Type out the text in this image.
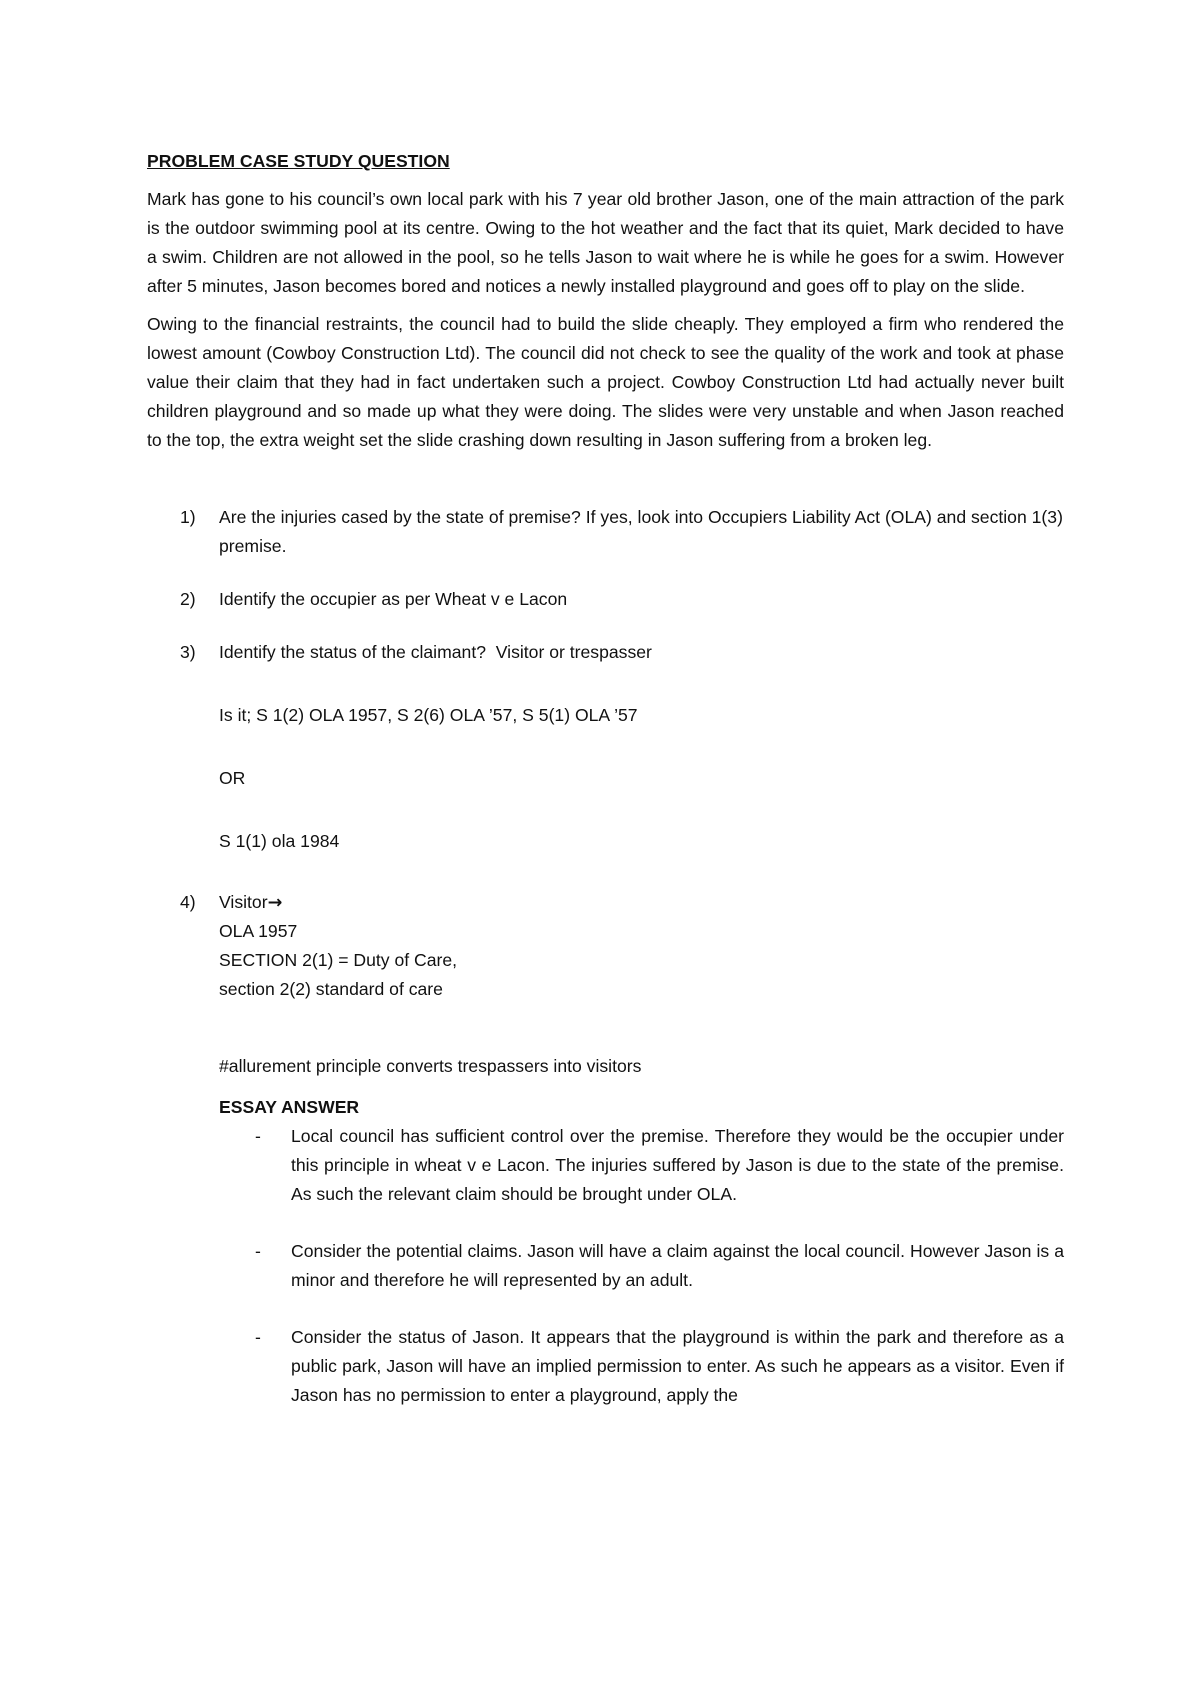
PROBLEM CASE STUDY QUESTION

Mark has gone to his council’s own local park with his 7 year old brother Jason, one of the main attraction of the park is the outdoor swimming pool at its centre. Owing to the hot weather and the fact that its quiet, Mark decided to have a swim. Children are not allowed in the pool, so he tells Jason to wait where he is while he goes for a swim. However after 5 minutes, Jason becomes bored and notices a newly installed playground and goes off to play on the slide.

Owing to the financial restraints, the council had to build the slide cheaply. They employed a firm who rendered the lowest amount (Cowboy Construction Ltd). The council did not check to see the quality of the work and took at phase value their claim that they had in fact undertaken such a project. Cowboy Construction Ltd had actually never built children playground and so made up what they were doing. The slides were very unstable and when Jason reached to the top, the extra weight set the slide crashing down resulting in Jason suffering from a broken leg.

1) Are the injuries cased by the state of premise? If yes, look into Occupiers Liability Act (OLA) and section 1(3) premise.
2) Identify the occupier as per Wheat v e Lacon
3) Identify the status of the claimant?  Visitor or trespasser
Is it; S 1(2) OLA 1957, S 2(6) OLA ’57, S 5(1) OLA ’57
OR
S 1(1) ola 1984
4) Visitor→
OLA 1957
SECTION 2(1) = Duty of Care,
section 2(2) standard of care
#allurement principle converts trespassers into visitors
ESSAY ANSWER
- Local council has sufficient control over the premise. Therefore they would be the occupier under this principle in wheat v e Lacon. The injuries suffered by Jason is due to the state of the premise. As such the relevant claim should be brought under OLA.
- Consider the potential claims. Jason will have a claim against the local council. However Jason is a minor and therefore he will represented by an adult.
- Consider the status of Jason. It appears that the playground is within the park and therefore as a public park, Jason will have an implied permission to enter. As such he appears as a visitor. Even if Jason has no permission to enter a playground, apply the
